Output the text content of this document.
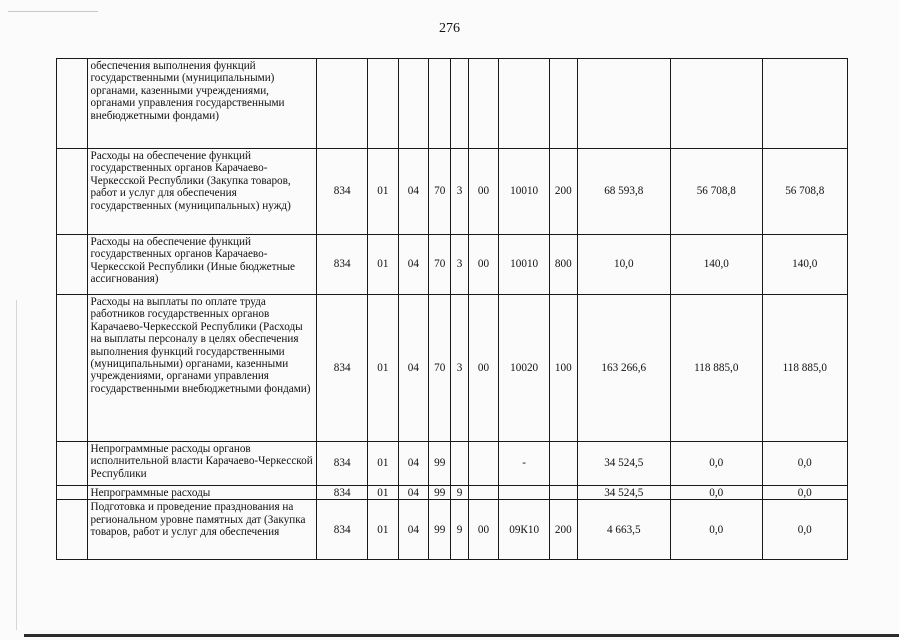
276
	обеспечения выполнения функций государственными (муниципальными) органами, казенными учреждениями, органами управления государственными внебюджетными фондами)											
	Расходы на обеспечение функций государственных органов Карачаево-Черкесской Республики (Закупка товаров, работ и услуг для обеспечения государственных (муниципальных) нужд)	834	01	04	70	3	00	10010	200	68 593,8	56 708,8	56 708,8
	Расходы на обеспечение функций государственных органов Карачаево-Черкесской Республики (Иные бюджетные ассигнования)	834	01	04	70	3	00	10010	800	10,0	140,0	140,0
	Расходы на выплаты по оплате труда работников государственных органов Карачаево-Черкесской Республики (Расходы на выплаты персоналу в целях обеспечения выполнения функций государственными (муниципальными) органами, казенными учреждениями, органами управления государственными внебюджетными фондами)	834	01	04	70	3	00	10020	100	163 266,6	118 885,0	118 885,0
	Непрограммные расходы органов исполнительной власти Карачаево-Черкесской Республики	834	01	04	99			-		34 524,5	0,0	0,0
	Непрограммные расходы	834	01	04	99	9				34 524,5	0,0	0,0
	Подготовка и проведение празднования на региональном уровне памятных дат (Закупка товаров, работ и услуг для обеспечения	834	01	04	99	9	00	09К10	200	4 663,5	0,0	0,0
